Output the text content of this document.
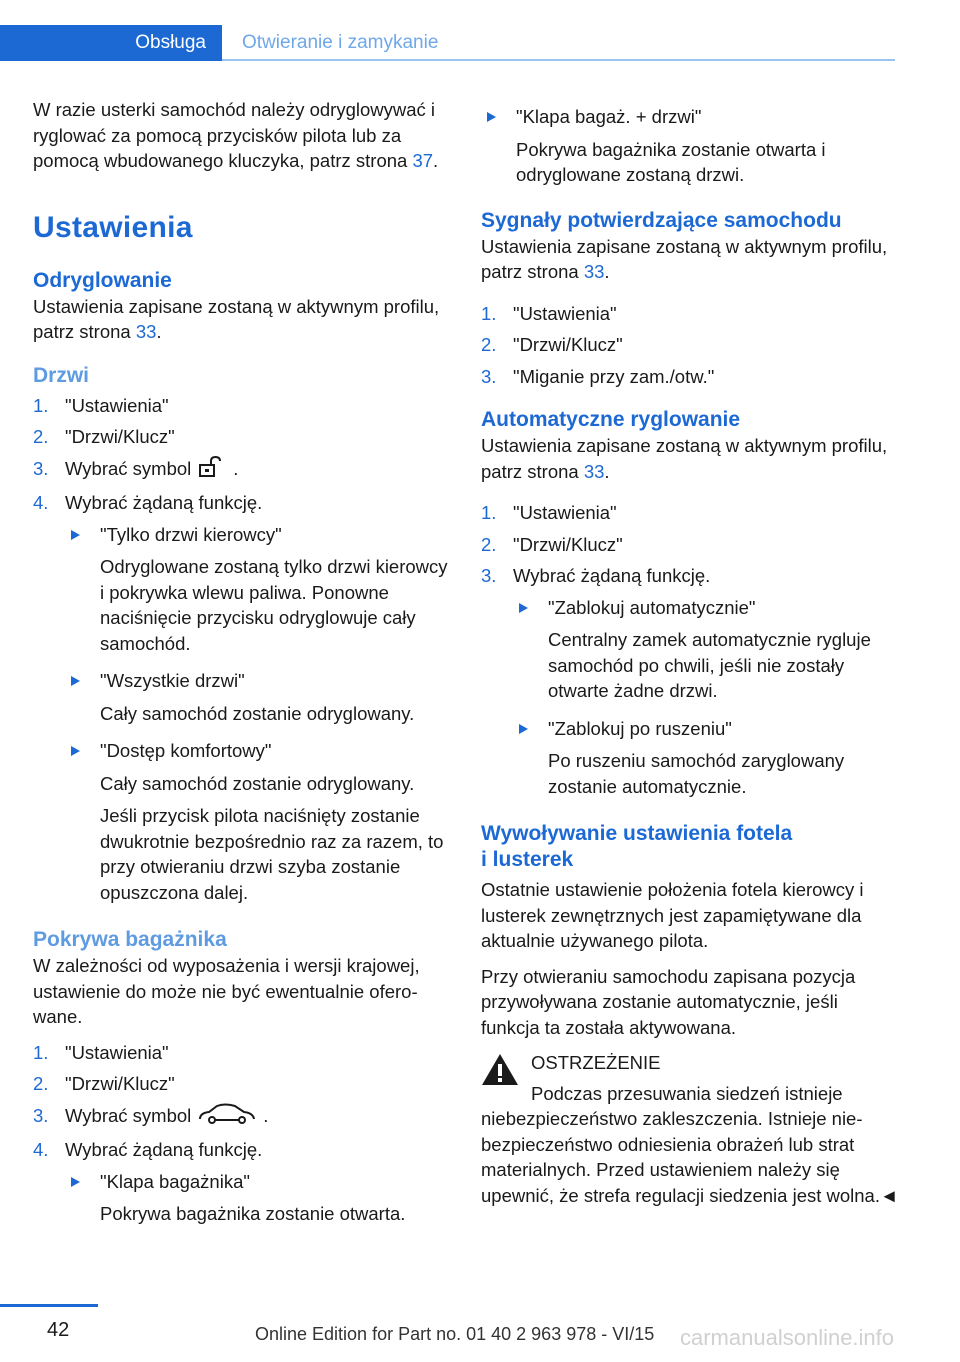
Obsługa	Otwieranie i zamykanie

W razie usterki samochód należy odryglowywać i ryglować za pomocą przycisków pilota lub za pomocą wbudowanego kluczyka, patrz strona 37.

Ustawienia
Odryglowanie

Ustawienia zapisane zostaną w aktywnym profilu, patrz strona 33.

Drzwi
1. "Ustawienia"
2. "Drzwi/Klucz"
3. Wybrać symbol .
4. Wybrać żądaną funkcję.

"Tylko drzwi kierowcy"

Odryglowane zostaną tylko drzwi kierowcy i pokrywka wlewu paliwa. Ponowne naciśnięcie przycisku odryglowuje cały samochód.

"Wszystkie drzwi"

Cały samochód zostanie odryglowany.

"Dostęp komfortowy"

Cały samochód zostanie odryglowany.

Jeśli przycisk pilota naciśnięty zostanie dwukrotnie bezpośrednio raz za razem, to przy otwieraniu drzwi szyba zostanie opuszczona dalej.

Pokrywa bagażnika

W zależności od wyposażenia i wersji krajowej, ustawienie do może nie być ewentualnie oferowane.

1. "Ustawienia"
2. "Drzwi/Klucz"
3. Wybrać symbol	.
4. Wybrać żądaną funkcję.

"Klapa bagażnika"

Pokrywa bagażnika zostanie otwarta.

"Klapa bagaż. + drzwi"

Pokrywa bagażnika zostanie otwarta i odryglowane zostaną drzwi.

Sygnały potwierdzające samochodu

Ustawienia zapisane zostaną w aktywnym profilu, patrz strona 33.

1. "Ustawienia"
2. "Drzwi/Klucz"
3. "Miganie przy zam./otw."
Automatyczne ryglowanie

Ustawienia zapisane zostaną w aktywnym profilu, patrz strona 33.

1. "Ustawienia"
2. "Drzwi/Klucz"
3. Wybrać żądaną funkcję.

"Zablokuj automatycznie"

Centralny zamek automatycznie rygluje samochód po chwili, jeśli nie zostały otwarte żadne drzwi.

"Zablokuj po ruszeniu"

Po ruszeniu samochód zaryglowany zostanie automatycznie.

Wywoływanie ustawienia fotela
i lusterek

Ostatnie ustawienie położenia fotela kierowcy i lusterek zewnętrznych jest zapamiętywane dla aktualnie używanego pilota.

Przy otwieraniu samochodu zapisana pozycja przywoływana zostanie automatycznie, jeśli funkcja ta została aktywowana.

OSTRZEŻENIE

Podczas przesuwania siedzeń istnieje niebezpieczeństwo zakleszczenia. Istnieje niebezpieczeństwo odniesienia obrażeń lub strat materialnych. Przed ustawieniem należy się upewnić, że strefa regulacji siedzenia jest wolna.◄

42	Online Edition for Part no. 01 40 2 963 978 - VI/15 carmanualsonline.info
